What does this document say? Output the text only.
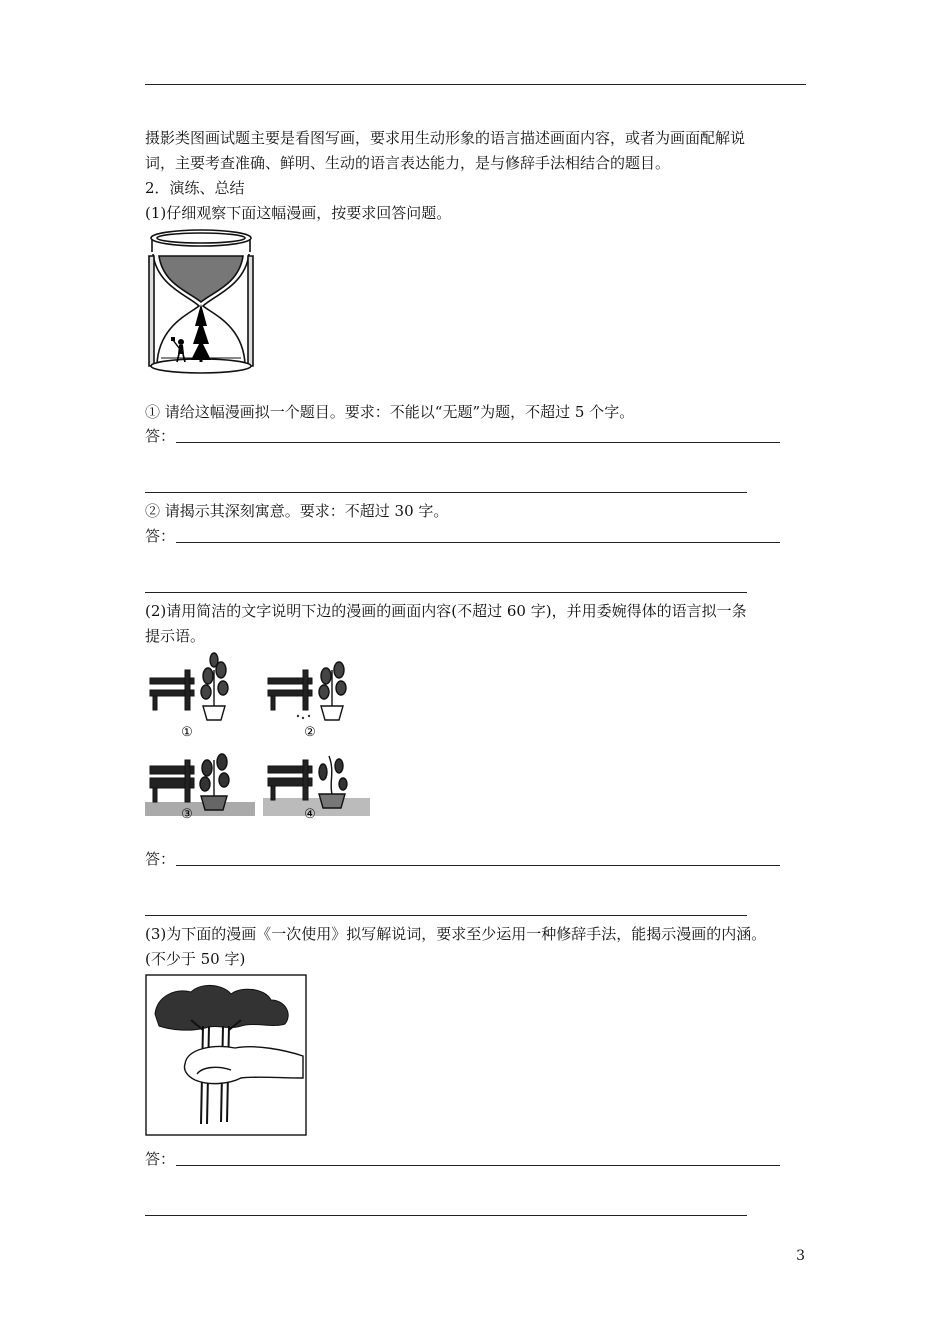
摄影类图画试题主要是看图写画，要求用生动形象的语言描述画面内容，或者为画面配解说
词，主要考查准确、鲜明、生动的语言表达能力，是与修辞手法相结合的题目。
2．演练、总结
(1)仔细观察下面这幅漫画，按要求回答问题。
① 请给这幅漫画拟一个题目。要求：不能以“无题”为题，不超过 5 个字。
答：
② 请揭示其深刻寓意。要求：不超过 30 字。
答：
(2)请用简洁的文字说明下边的漫画的画面内容(不超过 60 字)，并用委婉得体的语言拟一条
提示语。
①	②
③	④
答：
(3)为下面的漫画《一次使用》拟写解说词，要求至少运用一种修辞手法，能揭示漫画的内涵。
(不少于 50 字)
答：
3
